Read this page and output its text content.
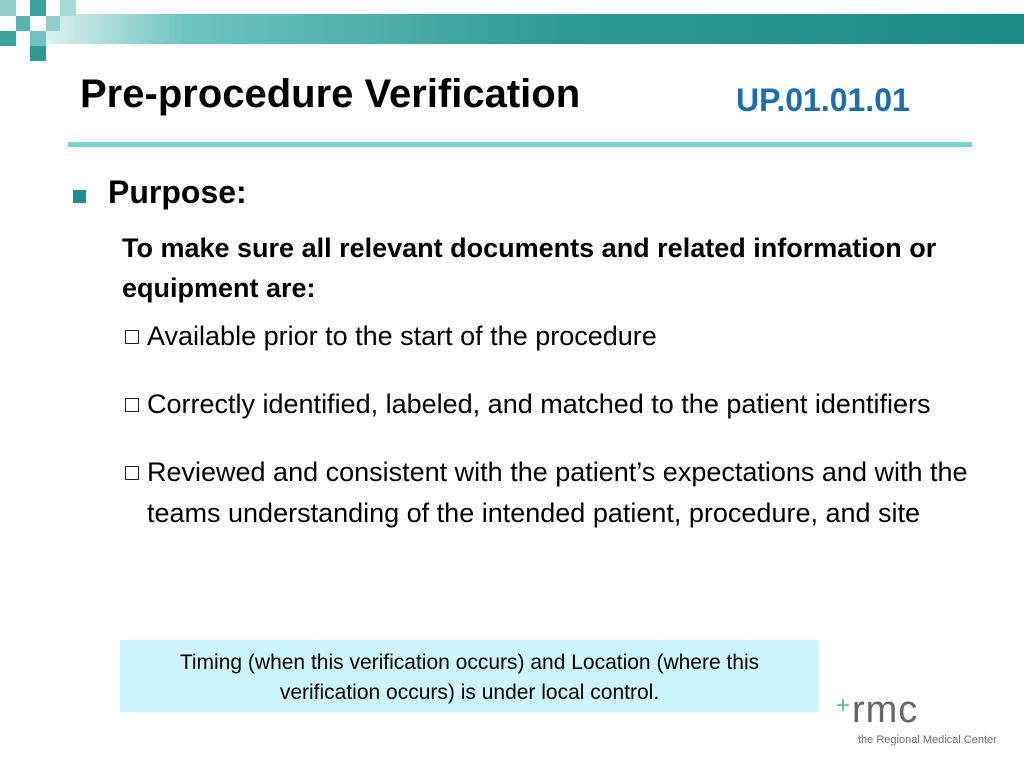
Pre-procedure Verification	UP.01.01.01
Purpose:
To make sure all relevant documents and related information or equipment are:
Available prior to the start of the procedure
Correctly identified, labeled, and matched to the patient identifiers
Reviewed and consistent with the patient’s expectations and with the teams understanding of the intended patient, procedure, and site
Timing (when this verification occurs) and Location (where this verification occurs) is under local control.	+ rmc
the Regional Medical Center
